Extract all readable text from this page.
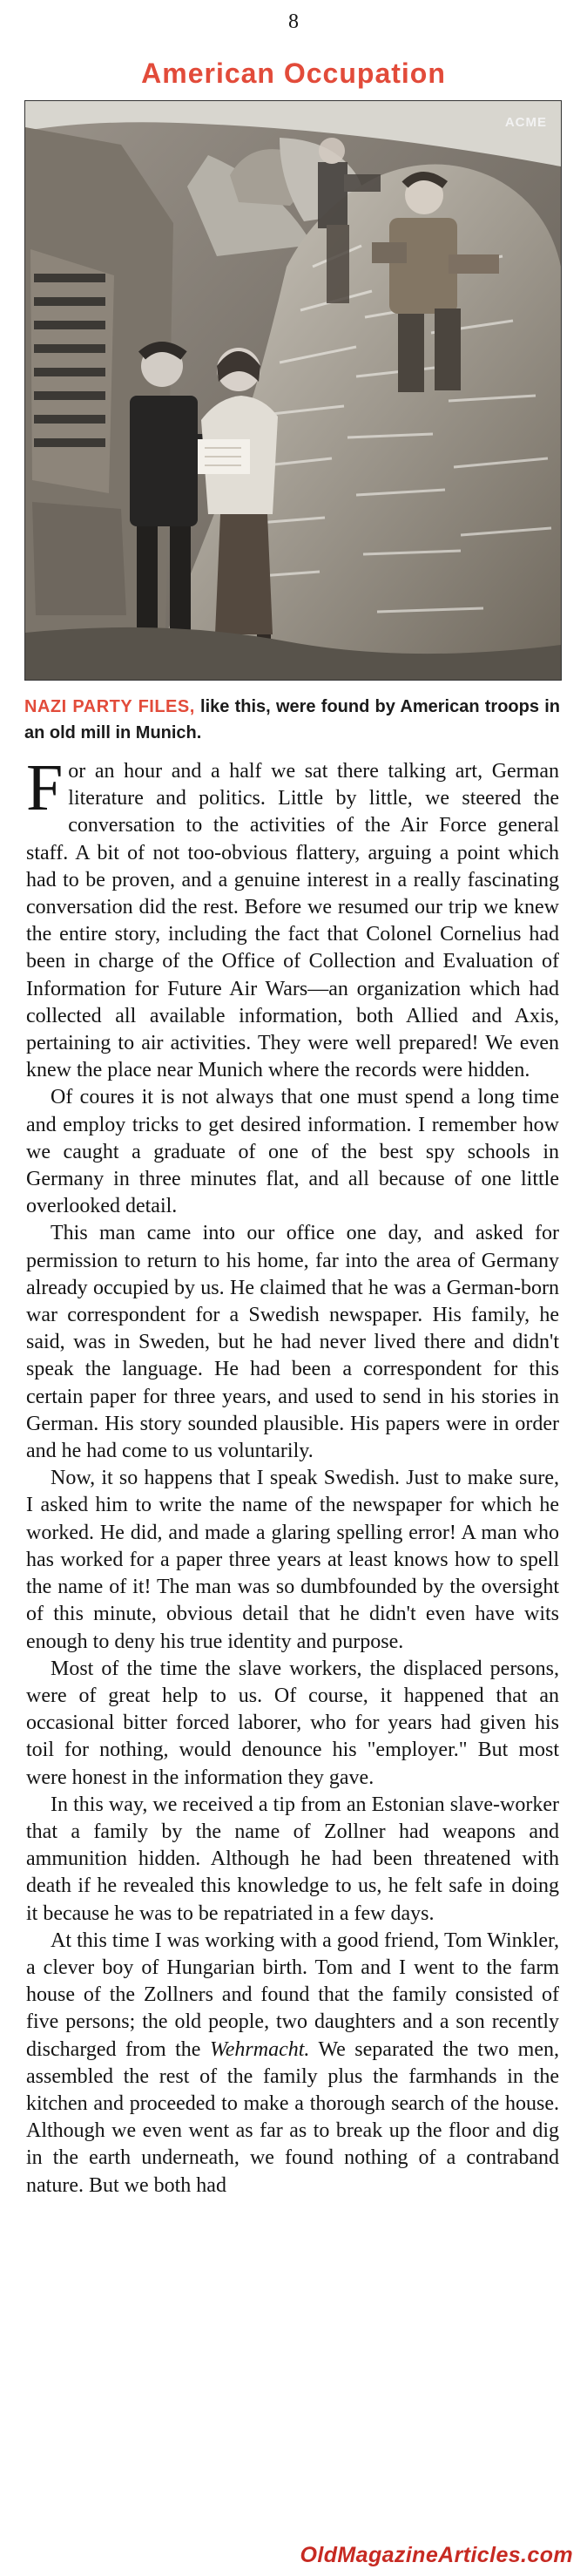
8
American Occupation
ACME
NAZI PARTY FILES, like this, were found by American troops in an old mill in Munich.

For an hour and a half we sat there talking art, German literature and politics. Little by little, we steered the conversation to the activities of the Air Force general staff. A bit of not too-obvious flattery, arguing a point which had to be proven, and a genuine interest in a really fascinating conversation did the rest. Before we resumed our trip we knew the entire story, including the fact that Colonel Cornelius had been in charge of the Office of Collection and Evaluation of Information for Future Air Wars—an organization which had collected all available information, both Allied and Axis, pertaining to air activities. They were well prepared! We even knew the place near Munich where the records were hidden.

Of coures it is not always that one must spend a long time and employ tricks to get desired information. I remember how we caught a graduate of one of the best spy schools in Germany in three minutes flat, and all because of one little overlooked detail.

This man came into our office one day, and asked for permission to return to his home, far into the area of Germany already occupied by us. He claimed that he was a German-born war correspondent for a Swedish newspaper. His family, he said, was in Sweden, but he had never lived there and didn't speak the language. He had been a correspondent for this certain paper for three years, and used to send in his stories in German. His story sounded plausible. His papers were in order and he had come to us voluntarily.

Now, it so happens that I speak Swedish. Just to make sure, I asked him to write the name of the newspaper for which he worked. He did, and made a glaring spelling error! A man who has worked for a paper three years at least knows how to spell the name of it! The man was so dumbfounded by the oversight of this minute, obvious detail that he didn't even have wits enough to deny his true identity and purpose.

Most of the time the slave workers, the displaced persons, were of great help to us. Of course, it happened that an occasional bitter forced laborer, who for years had given his toil for nothing, would denounce his "employer." But most were honest in the information they gave.

In this way, we received a tip from an Estonian slave-worker that a family by the name of Zollner had weapons and ammunition hidden. Although he had been threatened with death if he revealed this knowledge to us, he felt safe in doing it because he was to be repatriated in a few days.

At this time I was working with a good friend, Tom Winkler, a clever boy of Hungarian birth. Tom and I went to the farm house of the Zollners and found that the family consisted of five persons; the old people, two daughters and a son recently discharged from the Wehrmacht. We separated the two men, assembled the rest of the family plus the farmhands in the kitchen and proceeded to make a thorough search of the house. Although we even went as far as to break up the floor and dig in the earth underneath, we found nothing of a contraband nature. But we both had

OldMagazineArticles.com
